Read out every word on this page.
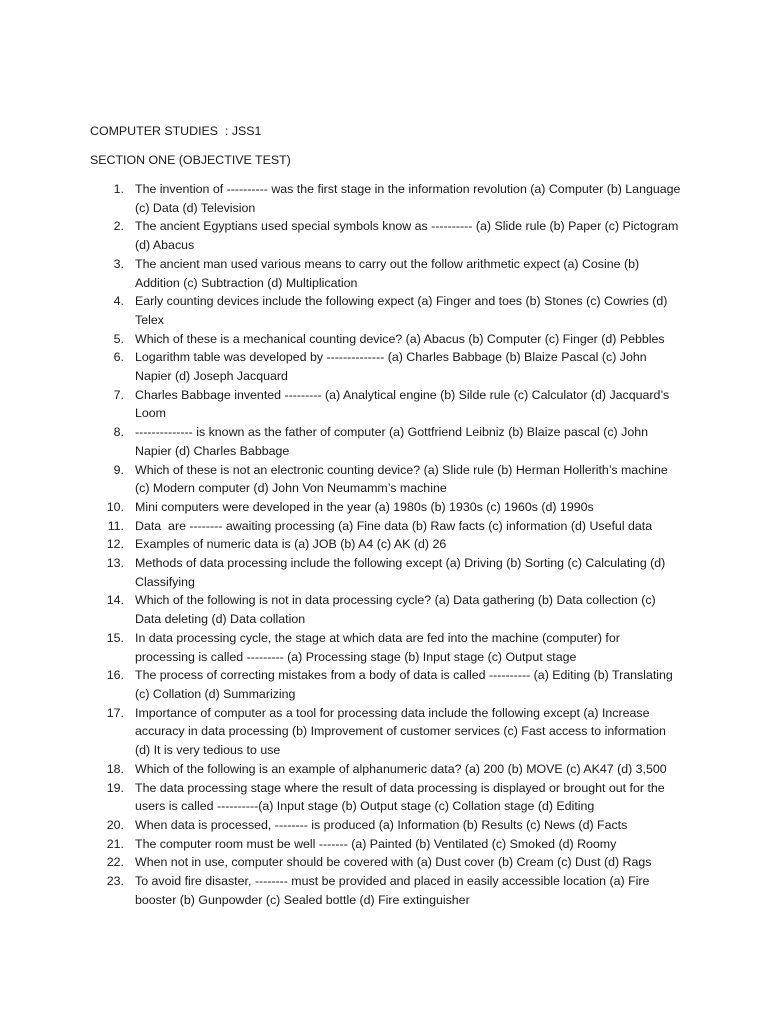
COMPUTER STUDIES  : JSS1
SECTION ONE (OBJECTIVE TEST)
1. The invention of ---------- was the first stage in the information revolution (a) Computer (b) Language (c) Data (d) Television
2. The ancient Egyptians used special symbols know as ---------- (a) Slide rule (b) Paper (c) Pictogram (d) Abacus
3. The ancient man used various means to carry out the follow arithmetic expect (a) Cosine (b) Addition (c) Subtraction (d) Multiplication
4. Early counting devices include the following expect (a) Finger and toes (b) Stones (c) Cowries (d) Telex
5. Which of these is a mechanical counting device? (a) Abacus (b) Computer (c) Finger (d) Pebbles
6. Logarithm table was developed by -------------- (a) Charles Babbage (b) Blaize Pascal (c) John Napier (d) Joseph Jacquard
7. Charles Babbage invented --------- (a) Analytical engine (b) Silde rule (c) Calculator (d) Jacquard’s Loom
8. -------------- is known as the father of computer (a) Gottfriend Leibniz (b) Blaize pascal (c) John Napier (d) Charles Babbage
9. Which of these is not an electronic counting device? (a) Slide rule (b) Herman Hollerith’s machine (c) Modern computer (d) John Von Neumamm’s machine
10. Mini computers were developed in the year (a) 1980s (b) 1930s (c) 1960s (d) 1990s
11. Data  are -------- awaiting processing (a) Fine data (b) Raw facts (c) information (d) Useful data
12. Examples of numeric data is (a) JOB (b) A4 (c) AK (d) 26
13. Methods of data processing include the following except (a) Driving (b) Sorting (c) Calculating (d) Classifying
14. Which of the following is not in data processing cycle? (a) Data gathering (b) Data collection (c) Data deleting (d) Data collation
15. In data processing cycle, the stage at which data are fed into the machine (computer) for processing is called --------- (a) Processing stage (b) Input stage (c) Output stage
16. The process of correcting mistakes from a body of data is called ---------- (a) Editing (b) Translating (c) Collation (d) Summarizing
17. Importance of computer as a tool for processing data include the following except (a) Increase accuracy in data processing (b) Improvement of customer services (c) Fast access to information (d) It is very tedious to use
18. Which of the following is an example of alphanumeric data? (a) 200 (b) MOVE (c) AK47 (d) 3,500
19. The data processing stage where the result of data processing is displayed or brought out for the users is called ----------(a) Input stage (b) Output stage (c) Collation stage (d) Editing
20. When data is processed, -------- is produced (a) Information (b) Results (c) News (d) Facts
21. The computer room must be well ------- (a) Painted (b) Ventilated (c) Smoked (d) Roomy
22. When not in use, computer should be covered with (a) Dust cover (b) Cream (c) Dust (d) Rags
23. To avoid fire disaster, -------- must be provided and placed in easily accessible location (a) Fire booster (b) Gunpowder (c) Sealed bottle (d) Fire extinguisher
